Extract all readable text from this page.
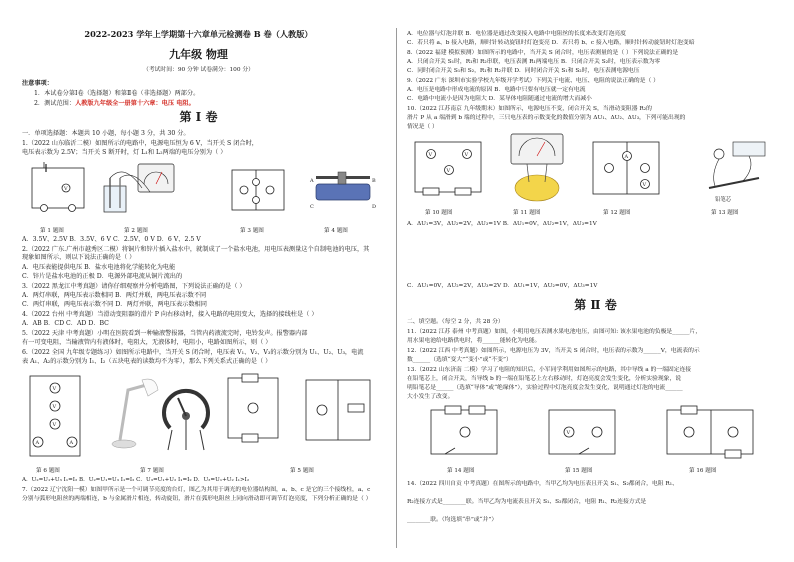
2022-2023 学年上学期第十六章单元检测卷 B 卷（人教版）
九年级 物理
（考试时间：90 分钟 试卷满分：100 分）
注意事项：
1．本试卷分第Ⅰ卷（选择题）和第Ⅱ卷（非选择题）两部分。
2．测试范围：人教版九年级全一册第十六章：电压 电阻。
第 Ⅰ 卷
一．单项选择题：本题共 10 小题，每小题 3 分，共 30 分。
1.（2022 山东临沂二模）如图所示的电路中，电源电压恒为 6 V，当开关 S 闭合时，
电压表示数为 2.5V；当开关 S 断开时，灯 L₁和 L₂两端的电压分别为（ ）
V
A	B
C	D
第 1 题图	第 2 题图	第 3 题图	第 4 题图
A．3.5V、2.5V B．3.5V、6 V C．2.5V、0 V D．6 V、2.5 V
2.（2022 广东.广州市越秀区二模）将铜片和锌片插入盐水中，就制成了一个盐水电池，用电压表测量这个自制电池的电压，其现象如图所示，则以下说法正确的是（ ）
A．电压表能提供电压 B．盐水电池将化学能转化为电能
C．锌片是盐水电池的正极 D．电源外部电流从铜片流出的
3.（2022 黑龙江中考真题）请你仔细观察并分析电路图，下列说法正确的是（ ）
A．两灯串联，两电压表示数相同 B．两灯并联，两电压表示数不同
C．两灯串联，两电压表示数不同 D．两灯并联，两电压表示数相同
4.（2022 台州 中考真题）当滑动变阻器的滑片 P 向右移动时，接入电路的电阻变大，选择的接线柱是（ ）
A．AB B．CD C．AD D．BC
5.（2022 天津 中考真题）小明在医院看到一种输液警报器，当管内药液流完时，电铃发声。报警器内部
有一可变电阻，当输液管内有液体时，电阻大，无液体时，电阻小，电路如图所示，则（ ）
6.（2022 全国 九年级专题练习）如图所示电路中，当开关 S 闭合时，电压表 V₁、V₂、V₃的示数分别为 U₁、U₂、U₃，电流
表 A₁、A₂的示数分别为 I₁、I₂（五块电表的读数均不为零），那么下列关系式正确的是（ ）
V
V
V
A	A
第 6 题图	第 7 题图	第 5 题图
A．U₂=U₁+U₃ I₁=I₂ B．U₂=U₁=U₃ I₁=I₂ C．U₃=U₁+U₂ I₁=I₂ D．U₃=U₁+U₂ I₁>I₂
7.（2022 辽宁沈阳一模）如图甲所示是一个可调节亮度的台灯，图乙为其用于调光的电位器结构图，a、b、c 是它的三个接线柱，a、c
分别与弧形电阻丝的两端相连，b 与金属滑片相连，转动旋钮，滑片在弧形电阻丝上同向滑动即可调节灯泡亮度，下列分析正确的是（ ）
A．电位器与灯泡并联 B．电位器是通过改变接入电路中电阻丝的长度来改变灯泡亮度
C．若只将 a、b 接入电路，顺时针转动旋钮时灯泡变亮 D．若只将 b、c 接入电路，顺时针转动旋钮时灯泡变暗
8.（2022 福建 模拟预测）如图所示的电路中，当开关 S 闭合时，电压表测量的是（ ）下列说法正确的是
A．只闭合开关 S₁时，R₁和 R₂串联，电压表测 R₁两端电压 B．只闭合开关 S₂时，电压表示数为零
C．同时闭合开关 S₁和 S₂，R₁和 R₂并联 D．同时闭合开关 S₁和 S₂时，电压表测电源电压
9.（2022 广东 深圳市实验学校九年级开学考试）下列关于电流、电压、电阻的说法正确的是（ ）
A．电压是电路中形成电流的原因 B．电路中只要有电压就一定有电流
C．电路中电流小是因为电阻大 D．某导体电阻随通过电流的增大而减小
10.（2022 江苏南京 九年级期末）如图所示，电源电压不变，闭合开关 S，当滑动变阻器 R₂的
滑片 P 从 a 端滑到 b 端的过程中，三只电压表的示数变化的数值分别为 ΔU₁、ΔU₂、ΔU₃，下列可能出现的
情况是（ ）
V	V
V
A
V
铅笔芯
第 10 题图	第 11 题图	第 12 题图	第 13 题图
A．ΔU₁=3V，ΔU₂=2V，ΔU₃=1V B．ΔU₁=0V，ΔU₂=1V，ΔU₃=1V
C．ΔU₁=0V，ΔU₂=2V，ΔU₃=2V D．ΔU₁=1V，ΔU₂=0V，ΔU₃=1V
第 Ⅱ 卷
二、填空题。（每空 2 分，共 28 分）
11.（2022 江苏 泰州 中考真题）如图，小明用电压表测水果电池电压，由图可知: 该水果电池的负极是______片，
用水果电池给电路供电时，将______能转化为电能。
12.（2022 江西 中考真题）如图所示，电源电压为 3V，当开关 S 闭合时，电压表的示数为______V，电流表的示
数______（选填“变大”“变小”或“不变”）
13.（2022 山东济南 二模）学习了电阻的知识后，小军同学利用如图所示的电路，其中导线 a 的一端固定连接
在铅笔芯上，闭合开关，当导线 b 的一端在铅笔芯上左右移动时，灯泡亮度会发生变化，分析实验现象，说
明铅笔芯是______（选填“导体”或“绝缘体”），实验过程中灯泡亮度会发生变化，说明通过灯泡的电流______
大小发生了改变。
V
第 14 题图	第 15 题图	第 16 题图
14.（2022 四川自贡 中考真题）在图所示的电路中，当甲乙均为电压表且开关 S₁、S₂都闭合，电阻 R₁、
R₂连接方式是________联。当甲乙均为电流表且开关 S₁、S₂都闭合，电阻 R₁、R₂连接方式是
________联。（均选填“串”或“并”）
